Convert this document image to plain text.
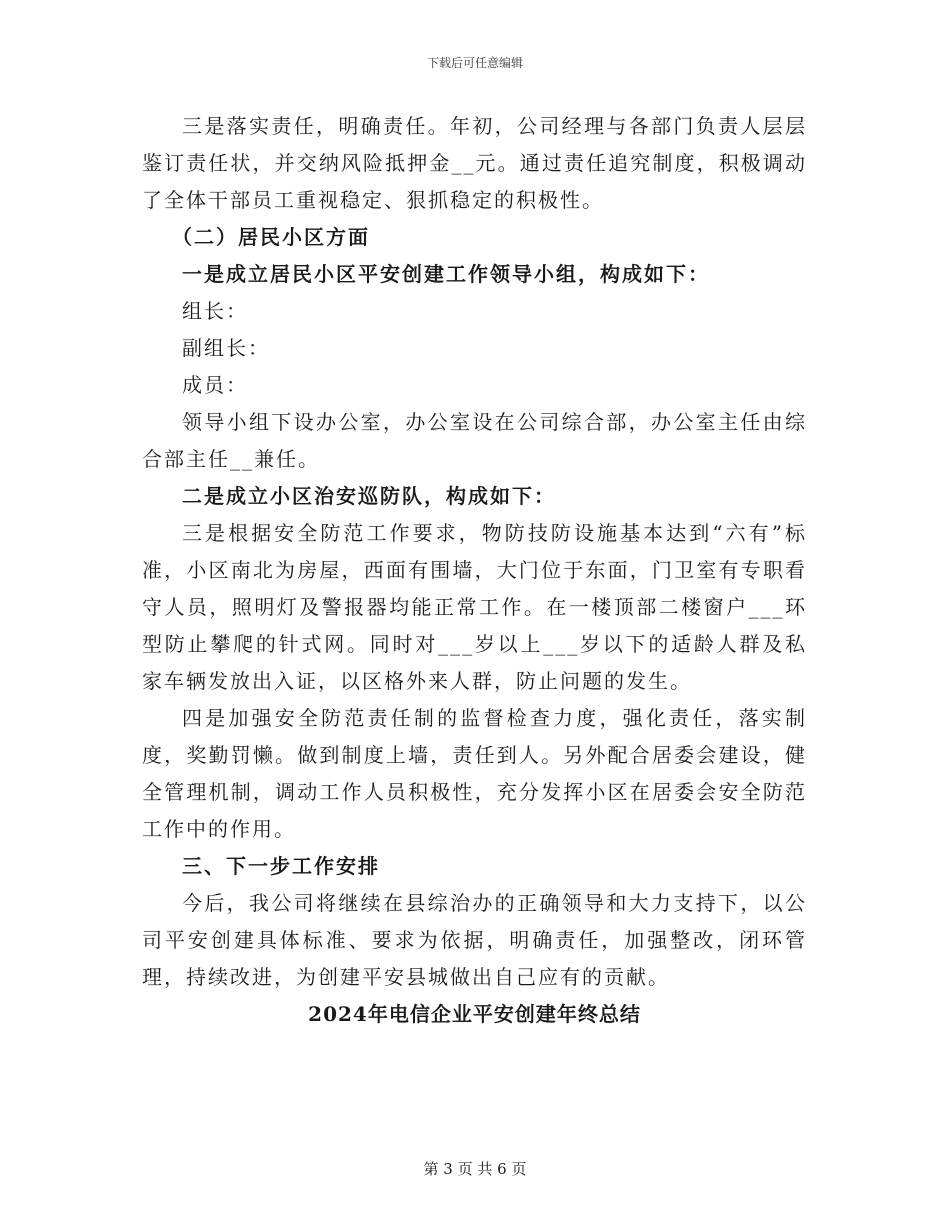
下载后可任意编辑

三是落实责任，明确责任。年初，公司经理与各部门负责人层层鉴订责任状，并交纳风险抵押金__元。通过责任追究制度，积极调动了全体干部员工重视稳定、狠抓稳定的积极性。

（二）居民小区方面

一是成立居民小区平安创建工作领导小组，构成如下：

组长：

副组长：

成员：

领导小组下设办公室，办公室设在公司综合部，办公室主任由综合部主任__兼任。

二是成立小区治安巡防队，构成如下：

三是根据安全防范工作要求，物防技防设施基本达到“六有”标准，小区南北为房屋，西面有围墙，大门位于东面，门卫室有专职看守人员，照明灯及警报器均能正常工作。在一楼顶部二楼窗户___环型防止攀爬的针式网。同时对___岁以上___岁以下的适龄人群及私家车辆发放出入证，以区格外来人群，防止问题的发生。

四是加强安全防范责任制的监督检查力度，强化责任，落实制度，奖勤罚懒。做到制度上墙，责任到人。另外配合居委会建设，健全管理机制，调动工作人员积极性，充分发挥小区在居委会安全防范工作中的作用。

三、下一步工作安排

今后，我公司将继续在县综治办的正确领导和大力支持下，以公司平安创建具体标准、要求为依据，明确责任，加强整改，闭环管理，持续改进，为创建平安县城做出自己应有的贡献。

2024年电信企业平安创建年终总结

第 3 页 共 6 页
